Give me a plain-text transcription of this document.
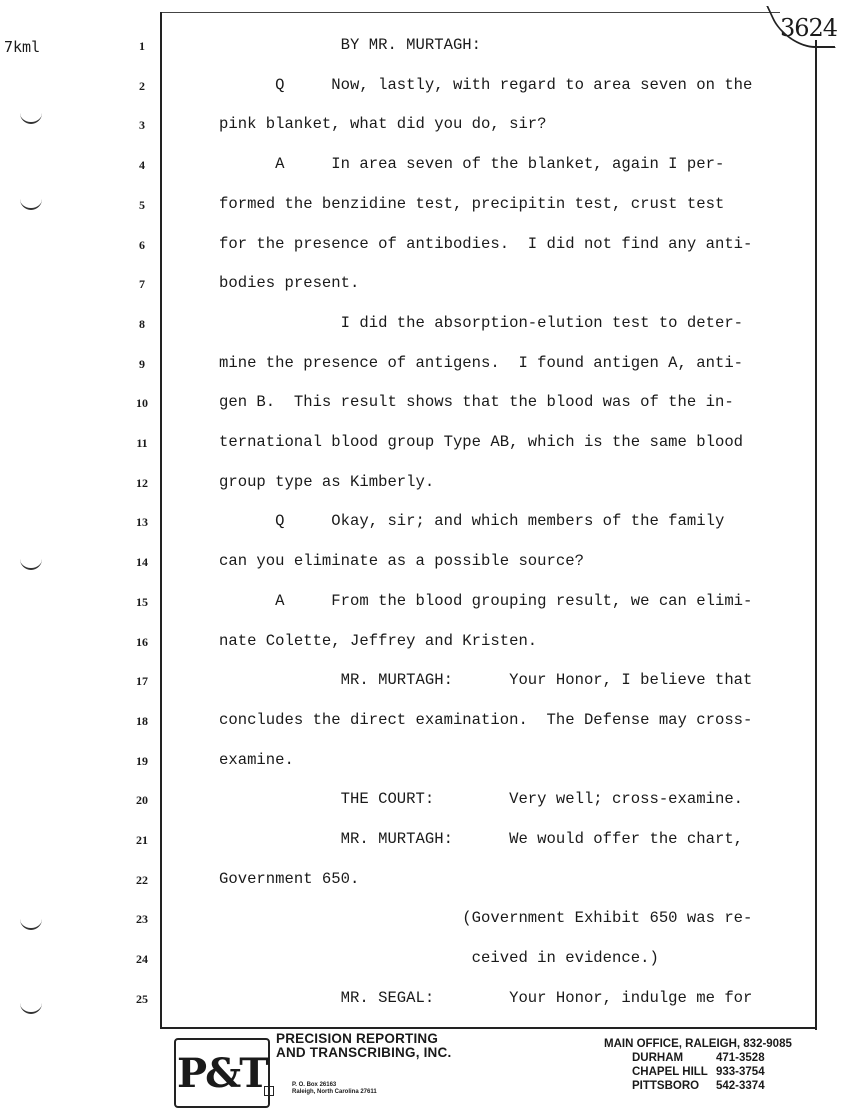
7kml
3624
1	BY MR. MURTAGH:
2	Q     Now, lastly, with regard to area seven on the
3	pink blanket, what did you do, sir?
4	A     In area seven of the blanket, again I per-
5	formed the benzidine test, precipitin test, crust test
6	for the presence of antibodies.  I did not find any anti-
7	bodies present.
8	I did the absorption-elution test to deter-
9	mine the presence of antigens.  I found antigen A, anti-
10	gen B.  This result shows that the blood was of the in-
11	ternational blood group Type AB, which is the same blood
12	group type as Kimberly.
13	Q     Okay, sir; and which members of the family
14	can you eliminate as a possible source?
15	A     From the blood grouping result, we can elimi-
16	nate Colette, Jeffrey and Kristen.
17	MR. MURTAGH:      Your Honor, I believe that
18	concludes the direct examination.  The Defense may cross-
19	examine.
20	THE COURT:        Very well; cross-examine.
21	MR. MURTAGH:      We would offer the chart,
22	Government 650.
23	(Government Exhibit 650 was re-
24	ceived in evidence.)
25	MR. SEGAL:        Your Honor, indulge me for
P&T
PRECISION REPORTING
AND TRANSCRIBING, INC.
P. O. Box 26163
Raleigh, North Carolina 27611
MAIN OFFICE, RALEIGH, 832-9085
DURHAM	471-3528
CHAPEL HILL 933-3754
PITTSBORO 542-3374
